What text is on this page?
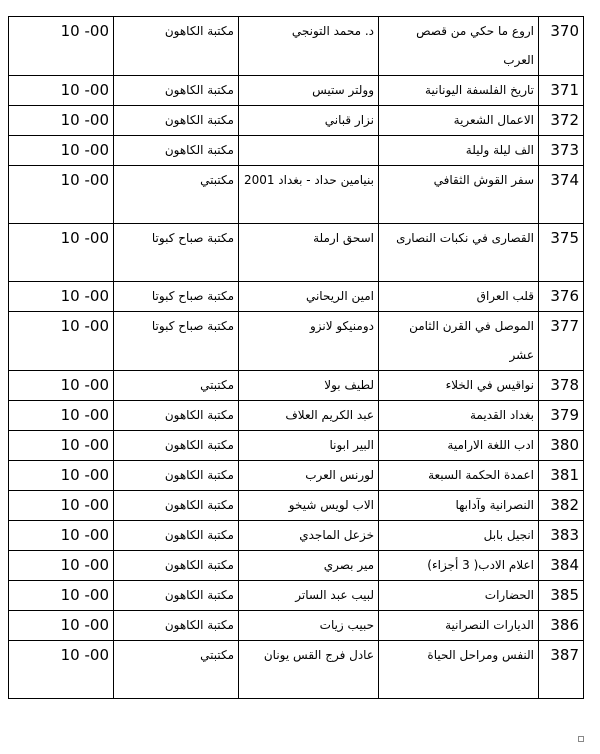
370	اروع ما حكي من قصص العرب	د. محمد التونجي	مكتبة الكاهون	10 -00
371	تاريخ الفلسفة اليونانية	وولتر ستيس	مكتبة الكاهون	10 -00
372	الاعمال الشعرية	نزار قباني	مكتبة الكاهون	10 -00
373	الف ليلة وليلة		مكتبة الكاهون	10 -00
374	سفر القوش الثقافي	بنيامين حداد - بغداد 2001	مكتبتي	10 -00
375	القصارى في نكبات النصارى	اسحق ارملة	مكتبة صباح كبوتا	10 -00
376	قلب العراق	امين الريحاني	مكتبة صباح كبوتا	10 -00
377	الموصل في القرن الثامن عشر	دومنيكو لانزو	مكتبة صباح كبوتا	10 -00
378	نواقيس في الخلاء	لطيف بولا	مكتبتي	10 -00
379	بغداد القديمة	عبد الكريم العلاف	مكتبة الكاهون	10 -00
380	ادب اللغة الارامية	البير ابونا	مكتبة الكاهون	10 -00
381	اعمدة الحكمة السبعة	لورنس العرب	مكتبة الكاهون	10 -00
382	النصرانية وآدابها	الاب لويس شيخو	مكتبة الكاهون	10 -00
383	انجيل بابل	خزعل الماجدي	مكتبة الكاهون	10 -00
384	اعلام الادب( 3 أجزاء)	مير بصري	مكتبة الكاهون	10 -00
385	الحضارات	لبيب عبد الساتر	مكتبة الكاهون	10 -00
386	الديارات النصرانية	حبيب زيات	مكتبة الكاهون	10 -00
387	النفس ومراحل الحياة	عادل فرج القس يونان	مكتبتي	10 -00
